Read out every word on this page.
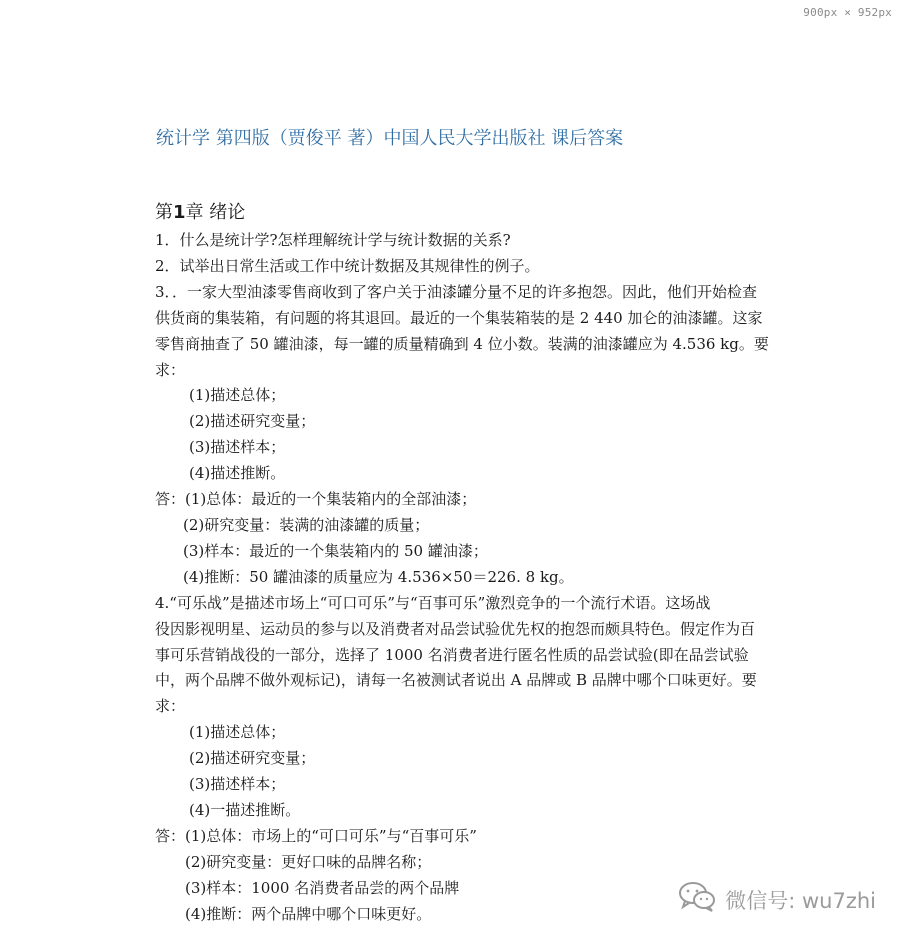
900px × 952px
统计学 第四版（贾俊平 著）中国人民大学出版社 课后答案
第1章 绪论
1．什么是统计学?怎样理解统计学与统计数据的关系?
2．试举出日常生活或工作中统计数据及其规律性的例子。
3．．一家大型油漆零售商收到了客户关于油漆罐分量不足的许多抱怨。因此，他们开始检查
供货商的集装箱，有问题的将其退回。最近的一个集装箱装的是 2 440 加仑的油漆罐。这家
零售商抽查了 50 罐油漆，每一罐的质量精确到 4 位小数。装满的油漆罐应为 4.536 kg。要
求：
(1)描述总体；
(2)描述研究变量；
(3)描述样本；
(4)描述推断。
答：(1)总体：最近的一个集装箱内的全部油漆；
(2)研究变量：装满的油漆罐的质量；
(3)样本：最近的一个集装箱内的 50 罐油漆；
(4)推断：50 罐油漆的质量应为 4.536×50＝226. 8 kg。
4.“可乐战”是描述市场上“可口可乐”与“百事可乐”激烈竞争的一个流行术语。这场战
役因影视明星、运动员的参与以及消费者对品尝试验优先权的抱怨而颇具特色。假定作为百
事可乐营销战役的一部分，选择了 1000 名消费者进行匿名性质的品尝试验(即在品尝试验
中，两个品牌不做外观标记)，请每一名被测试者说出 A 品牌或 B 品牌中哪个口味更好。要
求：
(1)描述总体；
(2)描述研究变量；
(3)描述样本；
(4)一描述推断。
答：(1)总体：市场上的“可口可乐”与“百事可乐”
(2)研究变量：更好口味的品牌名称；
(3)样本：1000 名消费者品尝的两个品牌
(4)推断：两个品牌中哪个口味更好。
微信号: wu7zhi
